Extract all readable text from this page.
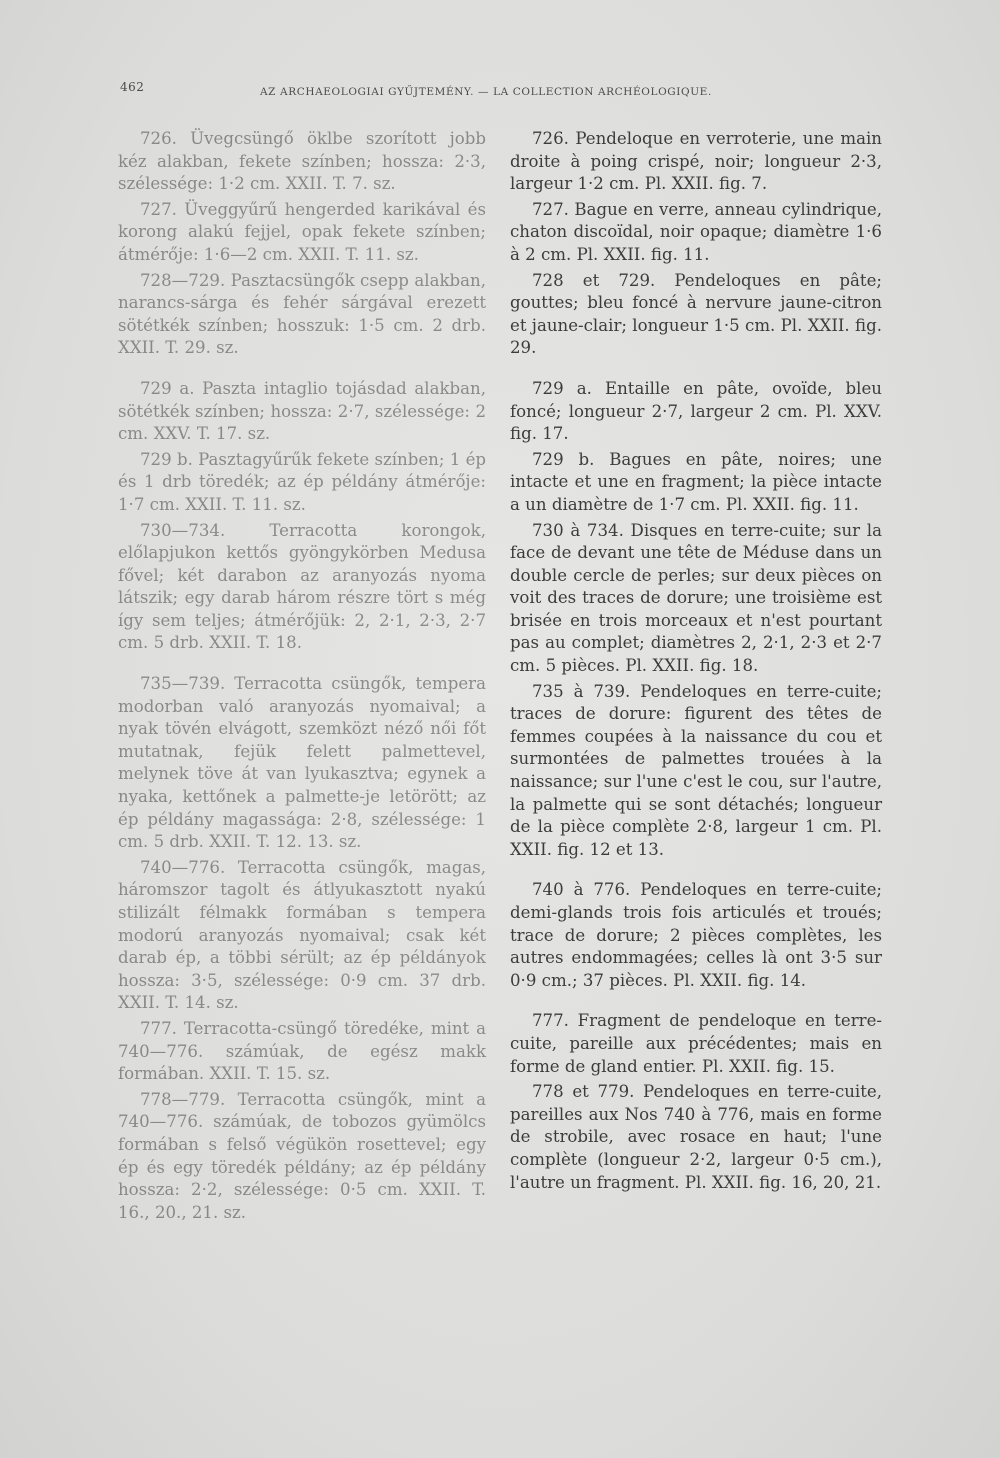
462	AZ ARCHAEOLOGIAI GYŰJTEMÉNY. — LA COLLECTION ARCHÉOLOGIQUE.

726. Üvegcsüngő öklbe szorított jobb kéz alakban, fekete színben; hossza: 2·3, szélessége: 1·2 cm. XXII. T. 7. sz.

727. Üveggyűrű hengerded karikával és korong alakú fejjel, opak fekete színben; átmérője: 1·6—2 cm. XXII. T. 11. sz.

728—729. Pasztacsüngők csepp alakban, narancs-sárga és fehér sárgával erezett sötétkék színben; hosszuk: 1·5 cm. 2 drb. XXII. T. 29. sz.

729 a. Paszta intaglio tojásdad alakban, sötétkék színben; hossza: 2·7, szélessége: 2 cm. XXV. T. 17. sz.

729 b. Pasztagyűrűk fekete színben; 1 ép és 1 drb töredék; az ép példány átmérője: 1·7 cm. XXII. T. 11. sz.

730—734. Terracotta korongok, előlapjukon kettős gyöngykörben Medusa fővel; két darabon az aranyozás nyoma látszik; egy darab három részre tört s még így sem teljes; átmérőjük: 2, 2·1, 2·3, 2·7 cm. 5 drb. XXII. T. 18.

735—739. Terracotta csüngők, tempera modorban való aranyozás nyomaival; a nyak tövén elvágott, szemközt néző női főt mutatnak, fejük felett palmettevel, melynek töve át van lyukasztva; egynek a nyaka, kettőnek a palmette-je letörött; az ép példány magassága: 2·8, szélessége: 1 cm. 5 drb. XXII. T. 12. 13. sz.

740—776. Terracotta csüngők, magas, háromszor tagolt és átlyukasztott nyakú stilizált félmakk formában s tempera modorú aranyozás nyomaival; csak két darab ép, a többi sérült; az ép példányok hossza: 3·5, szélessége: 0·9 cm. 37 drb. XXII. T. 14. sz.

777. Terracotta-csüngő töredéke, mint a 740—776. számúak, de egész makk formában. XXII. T. 15. sz.

778—779. Terracotta csüngők, mint a 740—776. számúak, de tobozos gyümölcs formában s felső végükön rosettevel; egy ép és egy töredék példány; az ép példány hossza: 2·2, szélessége: 0·5 cm. XXII. T. 16., 20., 21. sz.

726. Pendeloque en verroterie, une main droite à poing crispé, noir; longueur 2·3, largeur 1·2 cm. Pl. XXII. fig. 7.

727. Bague en verre, anneau cylindrique, chaton discoïdal, noir opaque; diamètre 1·6 à 2 cm. Pl. XXII. fig. 11.

728 et 729. Pendeloques en pâte; gouttes; bleu foncé à nervure jaune-citron et jaune-clair; longueur 1·5 cm. Pl. XXII. fig. 29.

729 a. Entaille en pâte, ovoïde, bleu foncé; longueur 2·7, largeur 2 cm. Pl. XXV. fig. 17.

729 b. Bagues en pâte, noires; une intacte et une en fragment; la pièce intacte a un diamètre de 1·7 cm. Pl. XXII. fig. 11.

730 à 734. Disques en terre-cuite; sur la face de devant une tête de Méduse dans un double cercle de perles; sur deux pièces on voit des traces de dorure; une troisième est brisée en trois morceaux et n'est pourtant pas au complet; diamètres 2, 2·1, 2·3 et 2·7 cm. 5 pièces. Pl. XXII. fig. 18.

735 à 739. Pendeloques en terre-cuite; traces de dorure: figurent des têtes de femmes coupées à la naissance du cou et surmontées de palmettes trouées à la naissance; sur l'une c'est le cou, sur l'autre, la palmette qui se sont détachés; longueur de la pièce complète 2·8, largeur 1 cm. Pl. XXII. fig. 12 et 13.

740 à 776. Pendeloques en terre-cuite; demi-glands trois fois articulés et troués; trace de dorure; 2 pièces complètes, les autres endommagées; celles là ont 3·5 sur 0·9 cm.; 37 pièces. Pl. XXII. fig. 14.

777. Fragment de pendeloque en terre-cuite, pareille aux précédentes; mais en forme de gland entier. Pl. XXII. fig. 15.

778 et 779. Pendeloques en terre-cuite, pareilles aux Nos 740 à 776, mais en forme de strobile, avec rosace en haut; l'une complète (longueur 2·2, largeur 0·5 cm.), l'autre un fragment. Pl. XXII. fig. 16, 20, 21.
